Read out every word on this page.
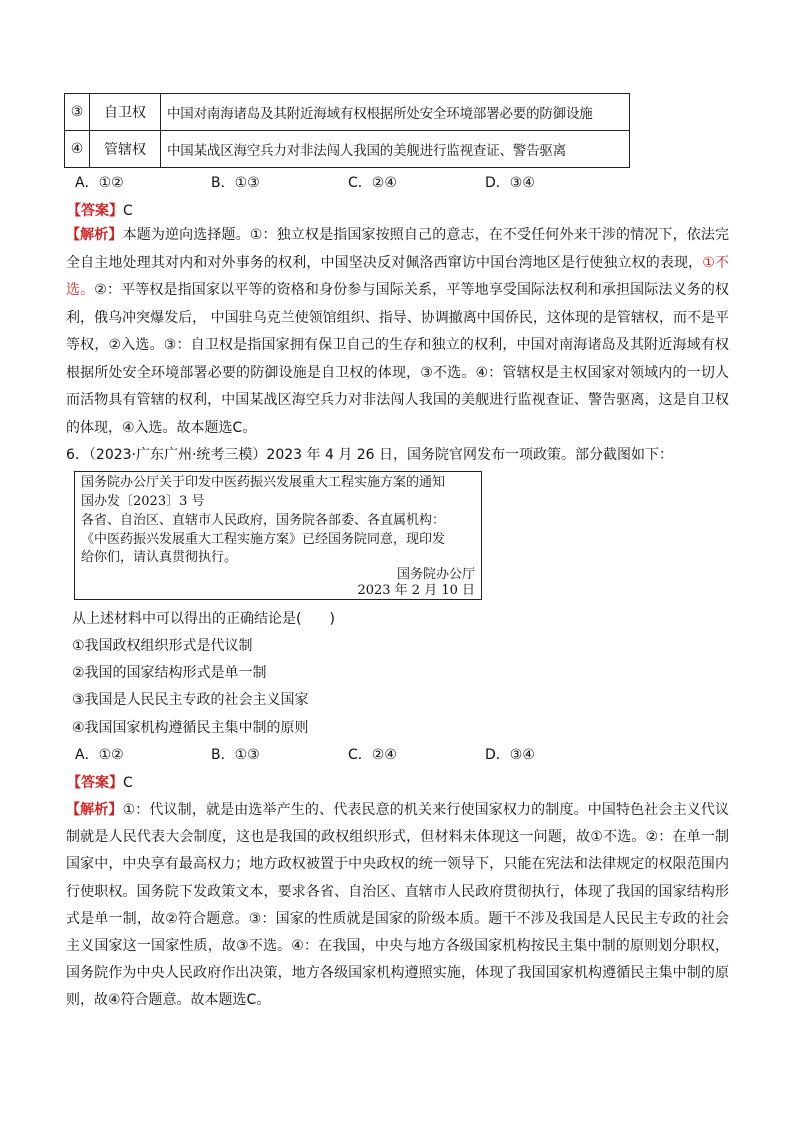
③	自卫权	中国对南海诸岛及其附近海域有权根据所处安全环境部署必要的防御设施
④	管辖权	中国某战区海空兵力对非法闯人我国的美舰进行监视查证、警告驱离
A．①②	B．①③	C．②④	D．③④
【答案】C
【解析】本题为逆向选择题。①：独立权是指国家按照自己的意志，在不受任何外来干涉的情况下，依法完全自主地处理其对内和对外事务的权利，中国坚决反对佩洛西窜访中国台湾地区是行使独立权的表现，①不选。②：平等权是指国家以平等的资格和身份参与国际关系，平等地享受国际法权利和承担国际法义务的权利，俄乌冲突爆发后， 中国驻乌克兰使领馆组织、指导、协调撤离中国侨民，这体现的是管辖权，而不是平等权，②入选。③：自卫权是指国家拥有保卫自己的生存和独立的权利，中国对南海诸岛及其附近海域有权根据所处安全环境部署必要的防御设施是自卫权的体现，③不选。④：管辖权是主权国家对领域内的一切人而活物具有管辖的权利，中国某战区海空兵力对非法闯人我国的美舰进行监视查证、警告驱离，这是自卫权的体现，④入选。故本题选C。
6．（2023·广东广州·统考三模）2023 年 4 月 26 日，国务院官网发布一项政策。部分截图如下：
国务院办公厅关于印发中医药振兴发展重大工程实施方案的通知
国办发〔2023〕3 号
各省、自治区、直辖市人民政府，国务院各部委、各直属机构：
《中医药振兴发展重大工程实施方案》已经国务院同意，现印发
给你们，请认真贯彻执行。
国务院办公厅
2023 年 2 月 10 日
从上述材料中可以得出的正确结论是(　　)
①我国政权组织形式是代议制
②我国的国家结构形式是单一制
③我国是人民民主专政的社会主义国家
④我国国家机构遵循民主集中制的原则
A．①②	B．①③	C．②④	D．③④
【答案】C
【解析】①：代议制，就是由选举产生的、代表民意的机关来行使国家权力的制度。中国特色社会主义代议制就是人民代表大会制度，这也是我国的政权组织形式，但材料未体现这一问题，故①不选。②：在单一制国家中，中央享有最高权力；地方政权被置于中央政权的统一领导下，只能在宪法和法律规定的权限范围内行使职权。国务院下发政策文本，要求各省、自治区、直辖市人民政府贯彻执行，体现了我国的国家结构形式是单一制，故②符合题意。③：国家的性质就是国家的阶级本质。题干不涉及我国是人民民主专政的社会主义国家这一国家性质，故③不选。④：在我国，中央与地方各级国家机构按民主集中制的原则划分职权，国务院作为中央人民政府作出决策，地方各级国家机构遵照实施，体现了我国国家机构遵循民主集中制的原则，故④符合题意。故本题选C。
